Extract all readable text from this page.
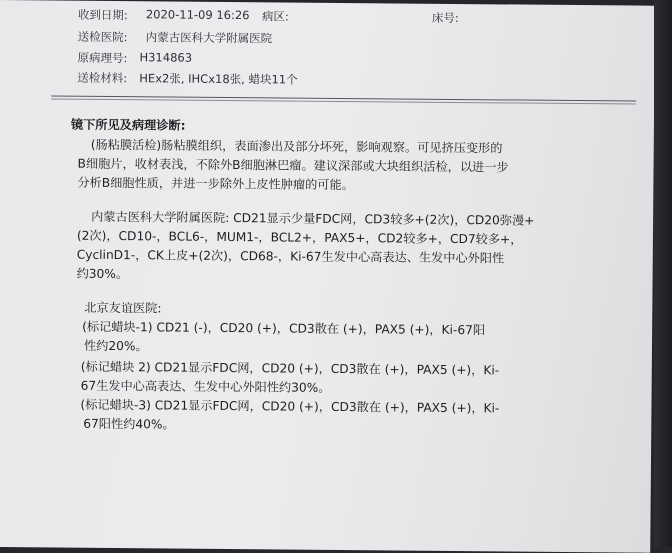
收到日期: 2020-11-09 16:26 病区:	床号:
送检医院: 内蒙古医科大学附属医院
原病理号: H314863
送检材料: HEx2张, IHCx18张, 蜡块11个
镜下所见及病理诊断:
(肠粘膜活检)肠粘膜组织，表面渗出及部分坏死，影响观察。可见挤压变形的
B细胞片，收材表浅，不除外B细胞淋巴瘤。建议深部或大块组织活检，以进一步
分析B细胞性质，并进一步除外上皮性肿瘤的可能。
内蒙古医科大学附属医院: CD21显示少量FDC网，CD3较多+(2次)，CD20弥漫+
(2次)，CD10-，BCL6-，MUM1-，BCL2+，PAX5+，CD2较多+，CD7较多+，
CyclinD1-，CK上皮+(2次)，CD68-，Ki-67生发中心高表达、生发中心外阳性
约30%。
北京友谊医院:
(标记蜡块-1) CD21 (-)，CD20 (+)，CD3散在 (+)，PAX5 (+)，Ki-67阳
性约20%。
(标记蜡块 2) CD21显示FDC网，CD20 (+)，CD3散在 (+)，PAX5 (+)，Ki-
67生发中心高表达、生发中心外阳性约30%。
(标记蜡块-3) CD21显示FDC网，CD20 (+)，CD3散在 (+)，PAX5 (+)，Ki-
67阳性约40%。
